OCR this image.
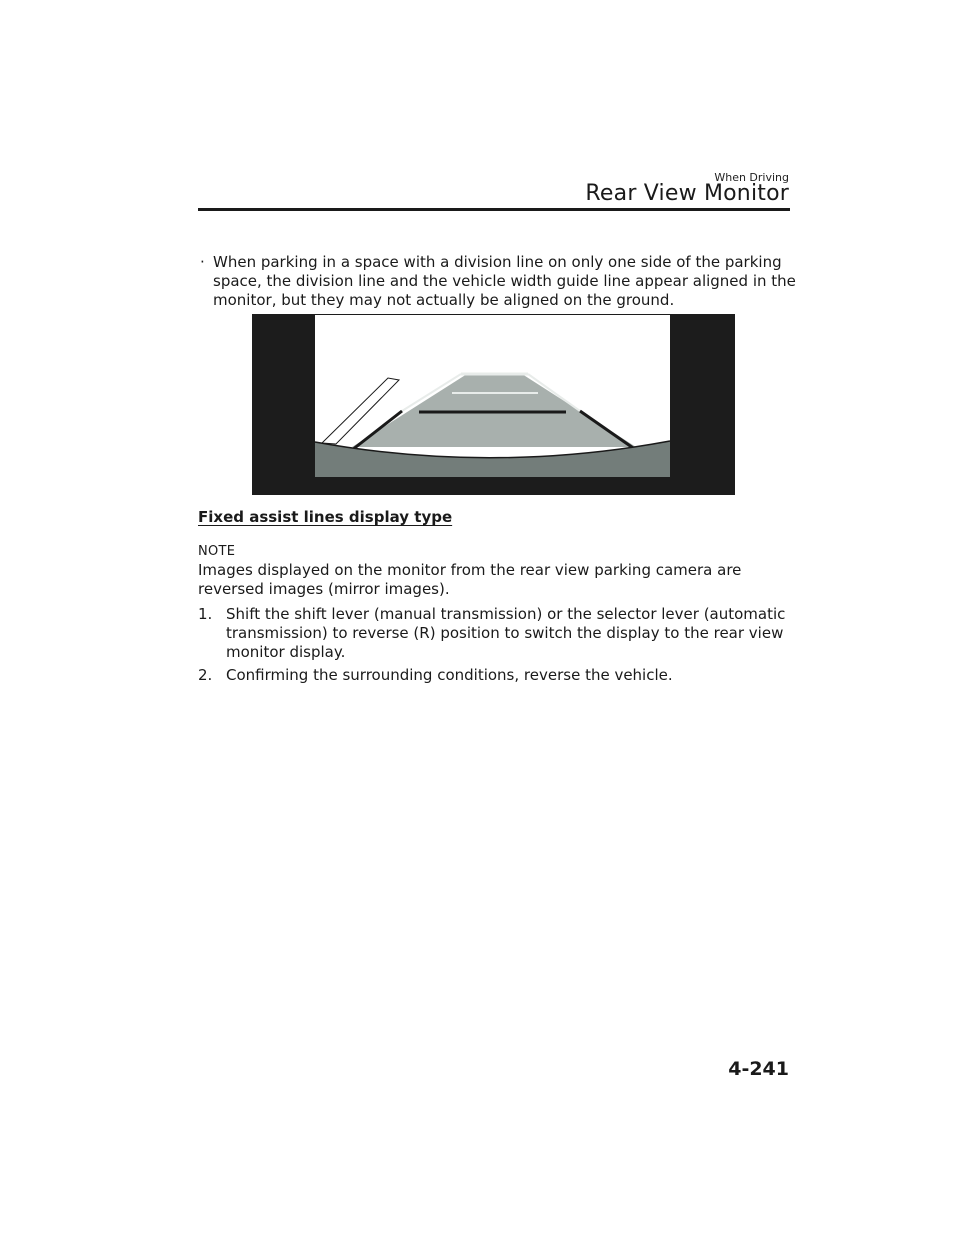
When Driving
Rear View Monitor
· When parking in a space with a division line on only one side of the parking space, the division line and the vehicle width guide line appear aligned in the monitor, but they may not actually be aligned on the ground.
Fixed assist lines display type
NOTE
Images displayed on the monitor from the rear view parking camera are reversed images (mirror images).
1. Shift the shift lever (manual transmission) or the selector lever (automatic transmission) to reverse (R) position to switch the display to the rear view monitor display.
2. Confirming the surrounding conditions, reverse the vehicle.
4-241
